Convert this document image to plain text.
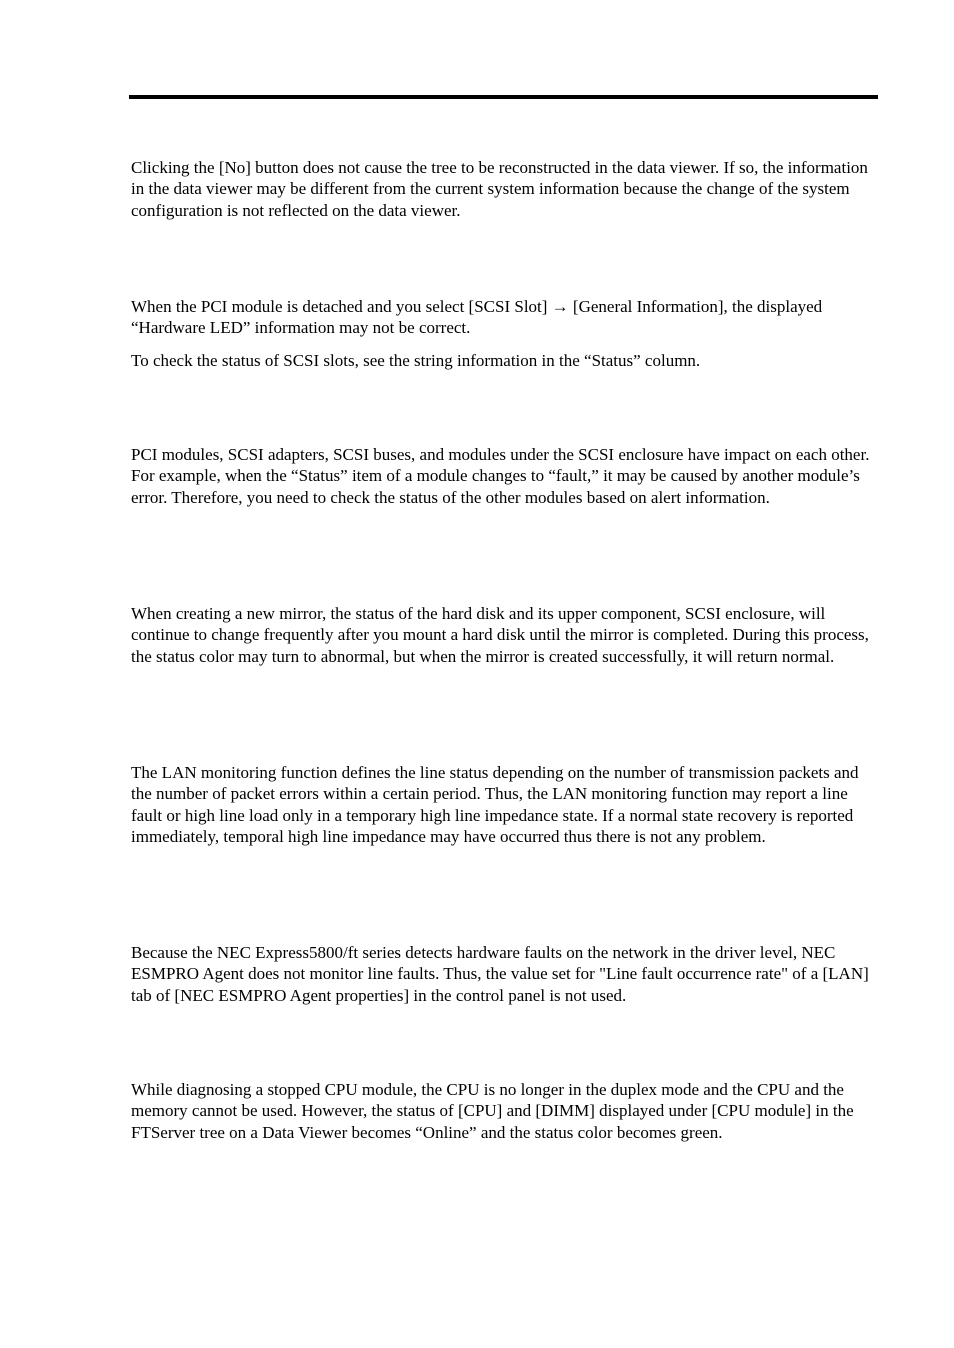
Clicking the [No] button does not cause the tree to be reconstructed in the data viewer. If so, the information in the data viewer may be different from the current system information because the change of the system configuration is not reflected on the data viewer.

When the PCI module is detached and you select [SCSI Slot] → [General Information], the displayed “Hardware LED” information may not be correct.

To check the status of SCSI slots, see the string information in the “Status” column.

PCI modules, SCSI adapters, SCSI buses, and modules under the SCSI enclosure have impact on each other. For example, when the “Status” item of a module changes to “fault,” it may be caused by another module’s error. Therefore, you need to check the status of the other modules based on alert information.

When creating a new mirror, the status of the hard disk and its upper component, SCSI enclosure, will continue to change frequently after you mount a hard disk until the mirror is completed. During this process, the status color may turn to abnormal, but when the mirror is created successfully, it will return normal.

The LAN monitoring function defines the line status depending on the number of transmission packets and the number of packet errors within a certain period. Thus, the LAN monitoring function may report a line fault or high line load only in a temporary high line impedance state. If a normal state recovery is reported immediately, temporal high line impedance may have occurred thus there is not any problem.

Because the NEC Express5800/ft series detects hardware faults on the network in the driver level, NEC ESMPRO Agent does not monitor line faults. Thus, the value set for "Line fault occurrence rate" of a [LAN] tab of [NEC ESMPRO Agent properties] in the control panel is not used.

While diagnosing a stopped CPU module, the CPU is no longer in the duplex mode and the CPU and the memory cannot be used. However, the status of [CPU] and [DIMM] displayed under [CPU module] in the FTServer tree on a Data Viewer becomes “Online” and the status color becomes green.
